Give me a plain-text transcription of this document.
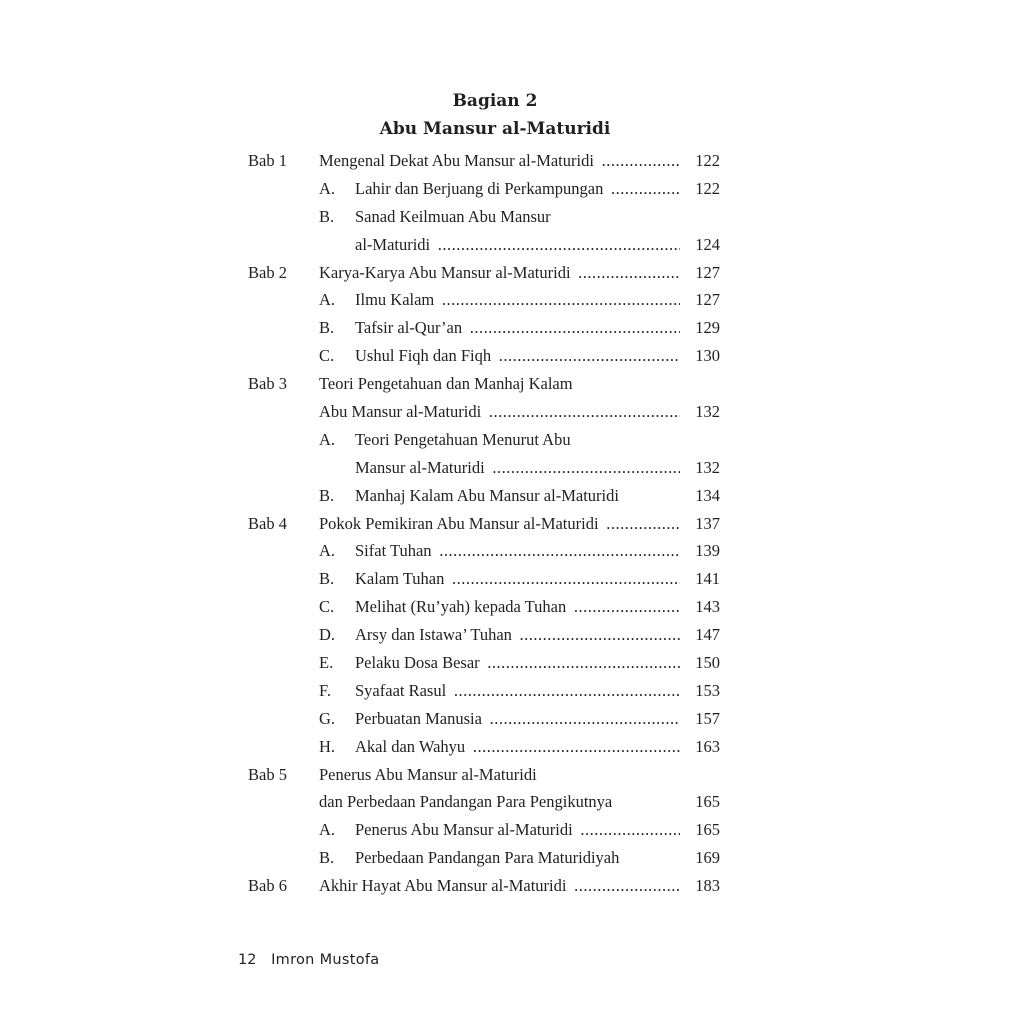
Bagian 2
Abu Mansur al-Maturidi
Bab 1 Mengenal Dekat Abu Mansur al-Maturidi .....	122
A. Lahir dan Berjuang di Perkampungan .....	122
B. Sanad Keilmuan Abu Mansur
al-Maturidi .....	124
Bab 2 Karya-Karya Abu Mansur al-Maturidi .....	127
A. Ilmu Kalam .....	127
B. Tafsir al-Qur’an .....	129
C. Ushul Fiqh dan Fiqh .....	130
Bab 3 Teori Pengetahuan dan Manhaj Kalam
Abu Mansur al-Maturidi .....	132
A. Teori Pengetahuan Menurut Abu
Mansur al-Maturidi .....	132
B. Manhaj Kalam Abu Mansur al-Maturidi	134
Bab 4 Pokok Pemikiran Abu Mansur al-Maturidi .....	137
A. Sifat Tuhan .....	139
B. Kalam Tuhan .....	141
C. Melihat (Ru’yah) kepada Tuhan .....	143
D. Arsy dan Istawa’ Tuhan .....	147
E. Pelaku Dosa Besar .....	150
F. Syafaat Rasul .....	153
G. Perbuatan Manusia .....	157
H. Akal dan Wahyu .....	163
Bab 5 Penerus Abu Mansur al-Maturidi
dan Perbedaan Pandangan Para Pengikutnya	165
A. Penerus Abu Mansur al-Maturidi .....	165
B. Perbedaan Pandangan Para Maturidiyah	169
Bab 6 Akhir Hayat Abu Mansur al-Maturidi .....	183
12 Imron Mustofa
